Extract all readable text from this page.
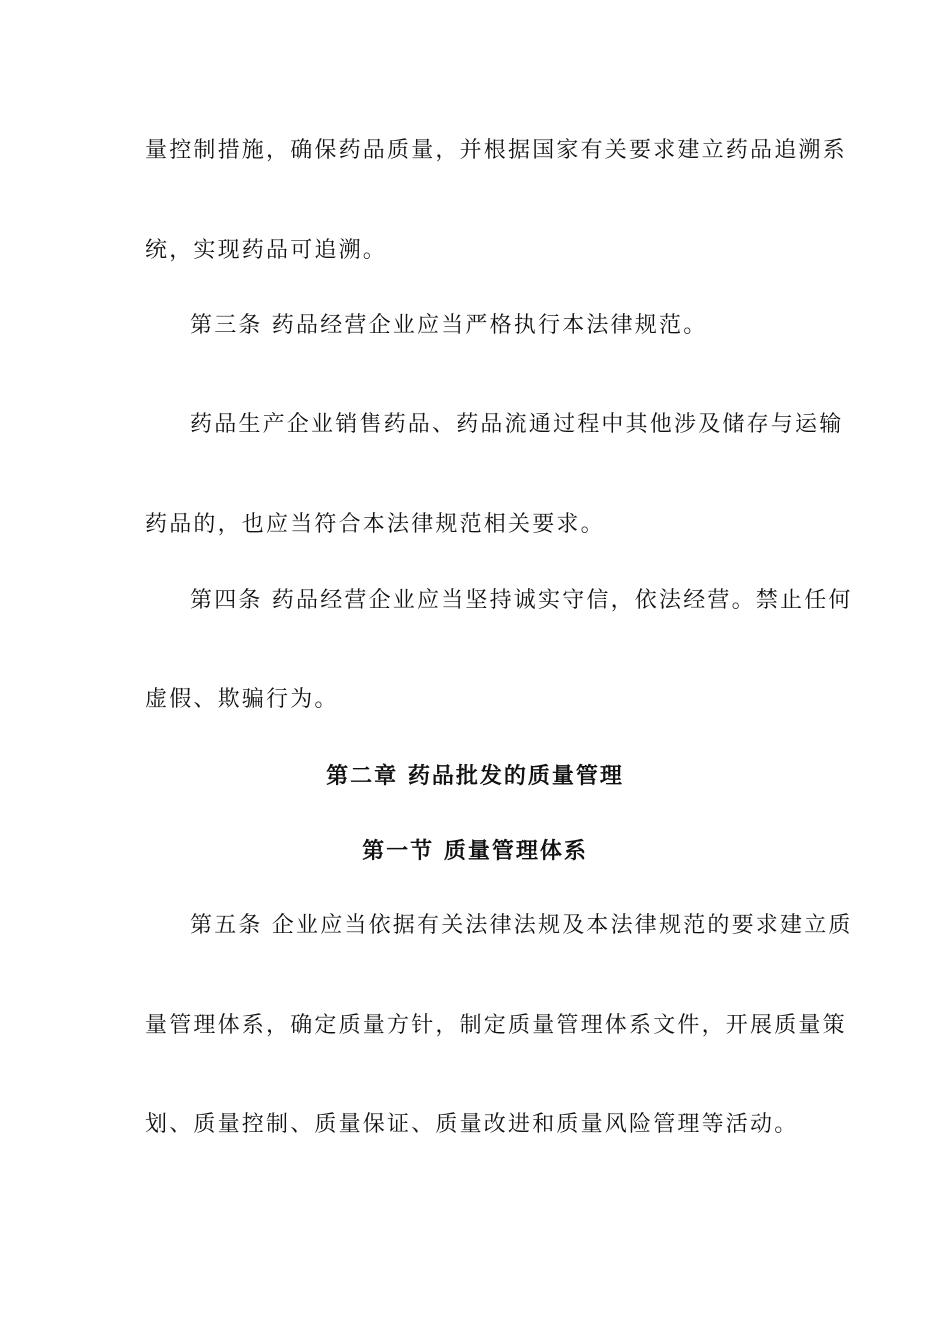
量控制措施，确保药品质量，并根据国家有关要求建立药品追溯系
统，实现药品可追溯。
第三条 药品经营企业应当严格执行本法律规范。
药品生产企业销售药品、药品流通过程中其他涉及储存与运输
药品的，也应当符合本法律规范相关要求。
第四条 药品经营企业应当坚持诚实守信，依法经营。禁止任何
虚假、欺骗行为。
第二章 药品批发的质量管理
第一节 质量管理体系
第五条 企业应当依据有关法律法规及本法律规范的要求建立质
量管理体系，确定质量方针，制定质量管理体系文件，开展质量策
划、质量控制、质量保证、质量改进和质量风险管理等活动。
